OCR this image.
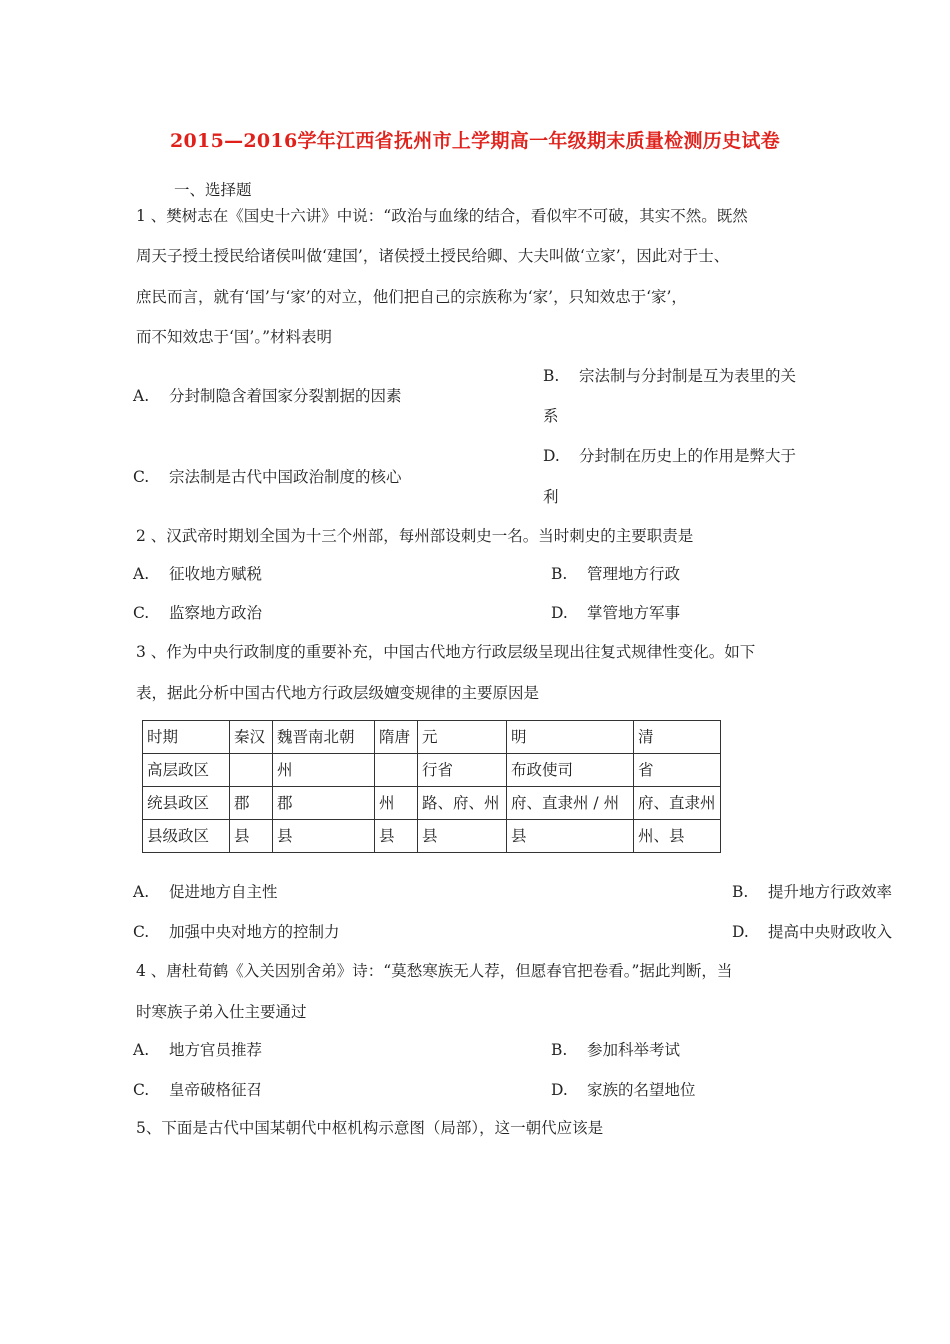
2015—2016学年江西省抚州市上学期高一年级期末质量检测历史试卷
一、选择题
1 、樊树志在《国史十六讲》中说：“政治与血缘的结合，看似牢不可破，其实不然。既然
周天子授土授民给诸侯叫做‘建国’，诸侯授土授民给卿、大夫叫做‘立家’，因此对于士、
庶民而言，就有‘国’与‘家’的对立，他们把自己的宗族称为‘家’，只知效忠于‘家’，
而不知效忠于‘国’。”材料表明
A. 分封制隐含着国家分裂割据的因素
B. 宗法制与分封制是互为表里的关
系
C. 宗法制是古代中国政治制度的核心
D. 分封制在历史上的作用是弊大于
利
2 、汉武帝时期划全国为十三个州部，每州部设刺史一名。当时刺史的主要职责是
A. 征收地方赋税	B. 管理地方行政
C. 监察地方政治	D. 掌管地方军事
3 、作为中央行政制度的重要补充，中国古代地方行政层级呈现出往复式规律性变化。如下
表，据此分析中国古代地方行政层级嬗变规律的主要原因是
时期	秦汉	魏晋南北朝	隋唐	元	明	清
高层政区		州		行省	布政使司	省
统县政区	郡	郡	州	路、府、州	府、直隶州 / 州	府、直隶州
县级政区	县	县	县	县	县	州、县
A. 促进地方自主性	B. 提升地方行政效率
C. 加强中央对地方的控制力	D. 提高中央财政收入
4 、唐杜荀鹤《入关因别舍弟》诗：“莫愁寒族无人荐，但愿春官把卷看。”据此判断，当
时寒族子弟入仕主要通过
A. 地方官员推荐	B. 参加科举考试
C. 皇帝破格征召	D. 家族的名望地位
5、下面是古代中国某朝代中枢机构示意图（局部），这一朝代应该是
